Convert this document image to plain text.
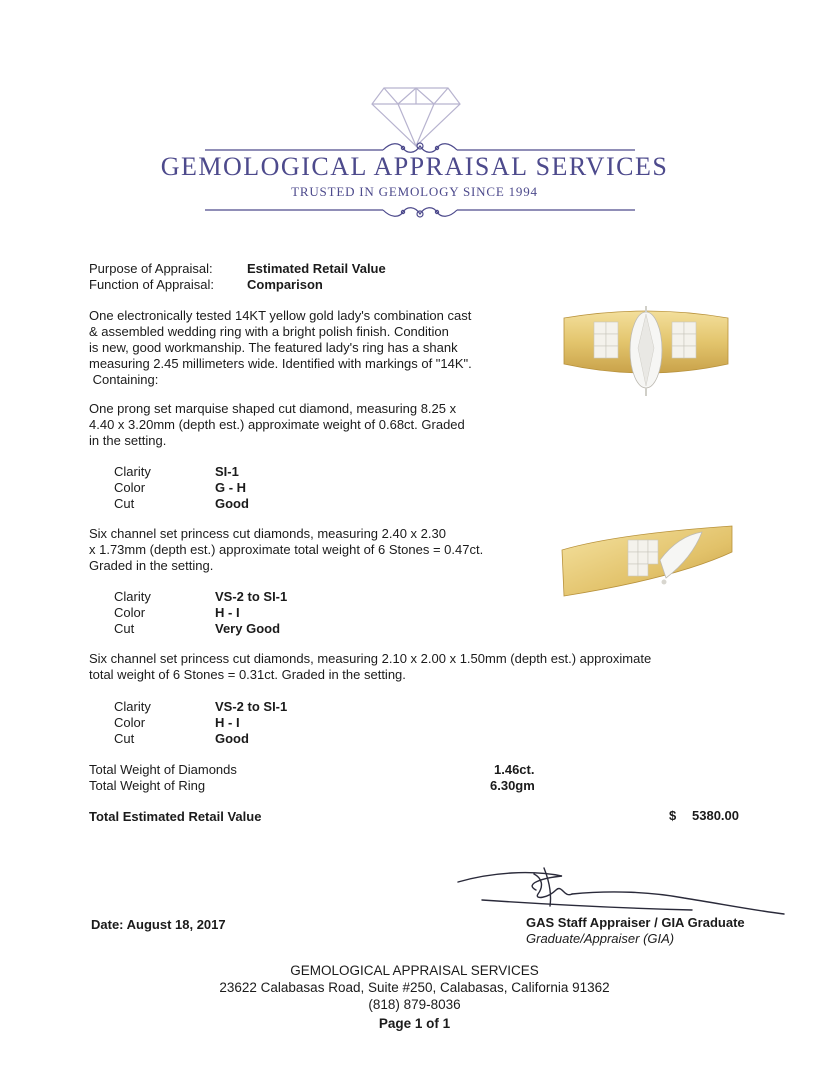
GEMOLOGICAL APPRAISAL SERVICES
TRUSTED IN GEMOLOGY SINCE 1994
Purpose of Appraisal:	Estimated Retail Value
Function of Appraisal:	Comparison
One electronically tested 14KT yellow gold lady's combination cast
& assembled wedding ring with a bright polish finish. Condition
is new, good workmanship. The featured lady's ring has a shank
measuring 2.45 millimeters wide. Identified with markings of "14K".
Containing:
One prong set marquise shaped cut diamond, measuring 8.25 x
4.40 x 3.20mm (depth est.) approximate weight of 0.68ct. Graded
in the setting.
Clarity	SI-1
Color	G - H
Cut	Good
Six channel set princess cut diamonds, measuring 2.40 x 2.30
x 1.73mm (depth est.) approximate total weight of 6 Stones = 0.47ct.
Graded in the setting.
Clarity	VS-2 to SI-1
Color	H - I
Cut	Very Good
Six channel set princess cut diamonds, measuring 2.10 x 2.00 x 1.50mm (depth est.) approximate
total weight of 6 Stones = 0.31ct. Graded in the setting.
Clarity	VS-2 to SI-1
Color	H - I
Cut	Good
Total Weight of Diamonds	1.46ct.
Total Weight of Ring	6.30gm
Total Estimated Retail Value	$ 5380.00
Date: August 18, 2017	GAS Staff Appraiser / GIA Graduate
Graduate/Appraiser (GIA)
GEMOLOGICAL APPRAISAL SERVICES
23622 Calabasas Road, Suite #250, Calabasas, California 91362
(818) 879-8036
Page 1 of 1
